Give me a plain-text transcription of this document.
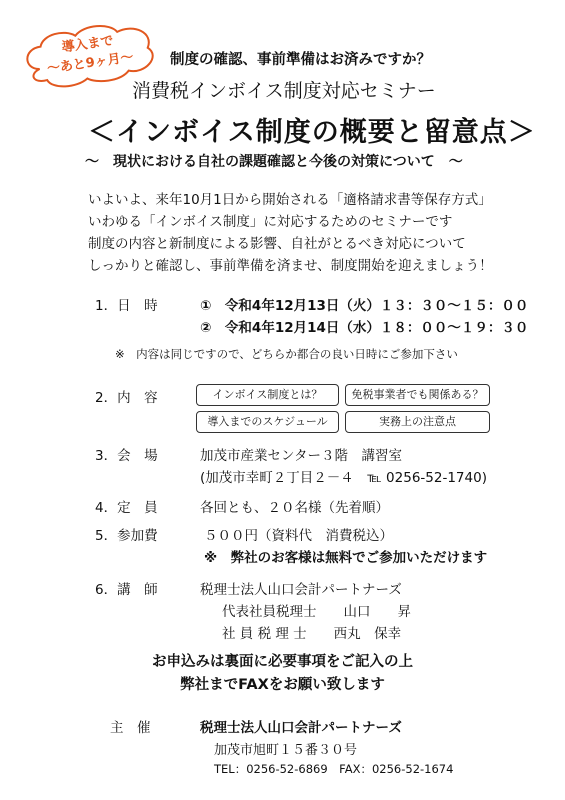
導入まで
～あと9ヶ月～	制度の確認、事前準備はお済みですか？
消費税インボイス制度対応セミナー
＜インボイス制度の概要と留意点＞
～　現状における自社の課題確認と今後の対策について　～
いよいよ、来年10月1日から開始される「適格請求書等保存方式」
いわゆる「インボイス制度」に対応するためのセミナーです
制度の内容と新制度による影響、自社がとるべき対応について
しっかりと確認し、事前準備を済ませ、制度開始を迎えましょう！
1．日　時	①　令和4年12月13日（火）１３：３０～１５：００
②　令和4年12月14日（水）１８：００～１９：３０
※　内容は同じですので、どちらか都合の良い日時にご参加下さい
2．内　容	インボイス制度とは？	免税事業者でも関係ある？
導入までのスケジュール	実務上の注意点
3．会　場	加茂市産業センター３階　講習室
(加茂市幸町２丁目２－４　℡ 0256-52-1740)
4．定　員	各回とも、２０名様（先着順）
5．参加費	５００円（資料代　消費税込）
※　弊社のお客様は無料でご参加いただけます
6．講　師	税理士法人山口会計パートナーズ
代表社員税理士　　山口　　昇
社 員 税 理 士　　西丸　保幸
お申込みは裏面に必要事項をご記入の上
弊社までFAXをお願い致します
主　催	税理士法人山口会計パートナーズ
加茂市旭町１５番３０号
TEL：0256-52-6869　FAX：0256-52-1674
